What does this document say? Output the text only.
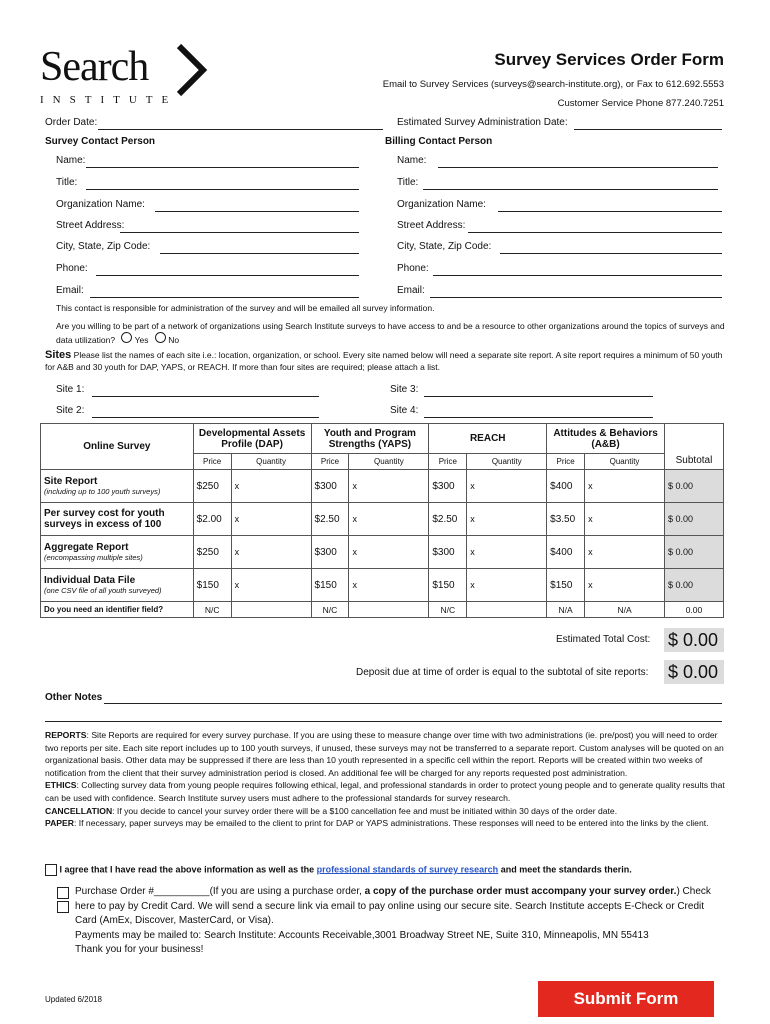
Search
INSTITUTE
Survey Services Order Form
Email to Survey Services (surveys@search-institute.org), or Fax to 612.692.5553
Customer Service Phone 877.240.7251
Order Date:	Estimated Survey Administration Date:
Survey Contact Person	Billing Contact Person
Name:	Name:
Title:	Title:
Organization Name:	Organization Name:
Street Address:	Street Address:
City, State, Zip Code:	City, State, Zip Code:
Phone:	Phone:
Email:	Email:
This contact is responsible for administration of the survey and will be emailed all survey information.
Are you willing to be part of a network of organizations using Search Institute surveys to have access to and be a resource to other organizations around the topics of surveys and data utilization? Yes No
Sites Please list the names of each site i.e.: location, organization, or school. Every site named below will need a separate site report. A site report requires a minimum of 50 youth for A&B and 30 youth for DAP, YAPS, or REACH. If more than four sites are required; please attach a list.
Site 1:	Site 3:
Site 2:	Site 4:
Online Survey	Developmental Assets Profile (DAP)		Youth and Program Strengths (YAPS)		REACH		Attitudes & Behaviors (A&B)		Subtotal
	Price	Quantity	Price	Quantity	Price	Quantity	Price	Quantity	

Site Report
(including up to 100 youth surveys)	$250	x	$300	x	$300	x	$400	x	$ 0.00

Per survey cost for youth surveys in excess of 100	$2.00	x	$2.50	x	$2.50	x	$3.50	x	$ 0.00

Aggregate Report
(encompassing multiple sites)	$250	x	$300	x	$300	x	$400	x	$ 0.00

Individual Data File
(one CSV file of all youth surveyed)	$150	x	$150	x	$150	x	$150	x	$ 0.00
Do you need an identifier field?	N/C		N/C		N/C		N/A	N/A	0.00
Estimated Total Cost: $ 0.00
Deposit due at time of order is equal to the subtotal of site reports: $ 0.00
Other Notes

REPORTS: Site Reports are required for every survey purchase. If you are using these to measure change over time with two administrations (ie. pre/post) you will need to order two reports per site. Each site report includes up to 100 youth surveys, if unused, these surveys may not be transferred to a separate report. Custom analyses will be quoted on an organizational basis. Other data may be suppressed if there are less than 10 youth represented in a specific cell within the report. Reports will be created within two weeks of notification from the client that their survey administration period is closed. An additional fee will be charged for any reports requested post administration.

ETHICS: Collecting survey data from young people requires following ethical, legal, and professional standards in order to protect young people and to generate quality results that can be used with confidence. Search Institute survey users must adhere to the professional standards for survey research.

CANCELLATION: If you decide to cancel your survey order there will be a $100 cancellation fee and must be initiated within 30 days of the order date.

PAPER: If necessary, paper surveys may be emailed to the client to print for DAP or YAPS administrations. These responses will need to be entered into the links by the client.

I agree that I have read the above information as well as the professional standards of survey research and meet the standards therin.
Purchase Order #__________(If you are using a purchase order, a copy of the purchase order must accompany your survey order.) Check here to pay by Credit Card. We will send a secure link via email to pay online using our secure site. Search Institute accepts E-Check or Credit Card (AmEx, Discover, MasterCard, or Visa).

Payments may be mailed to: Search Institute: Accounts Receivable,3001 Broadway Street NE, Suite 310, Minneapolis, MN 55413

Thank you for your business!

Updated 6/2018	Submit Form
